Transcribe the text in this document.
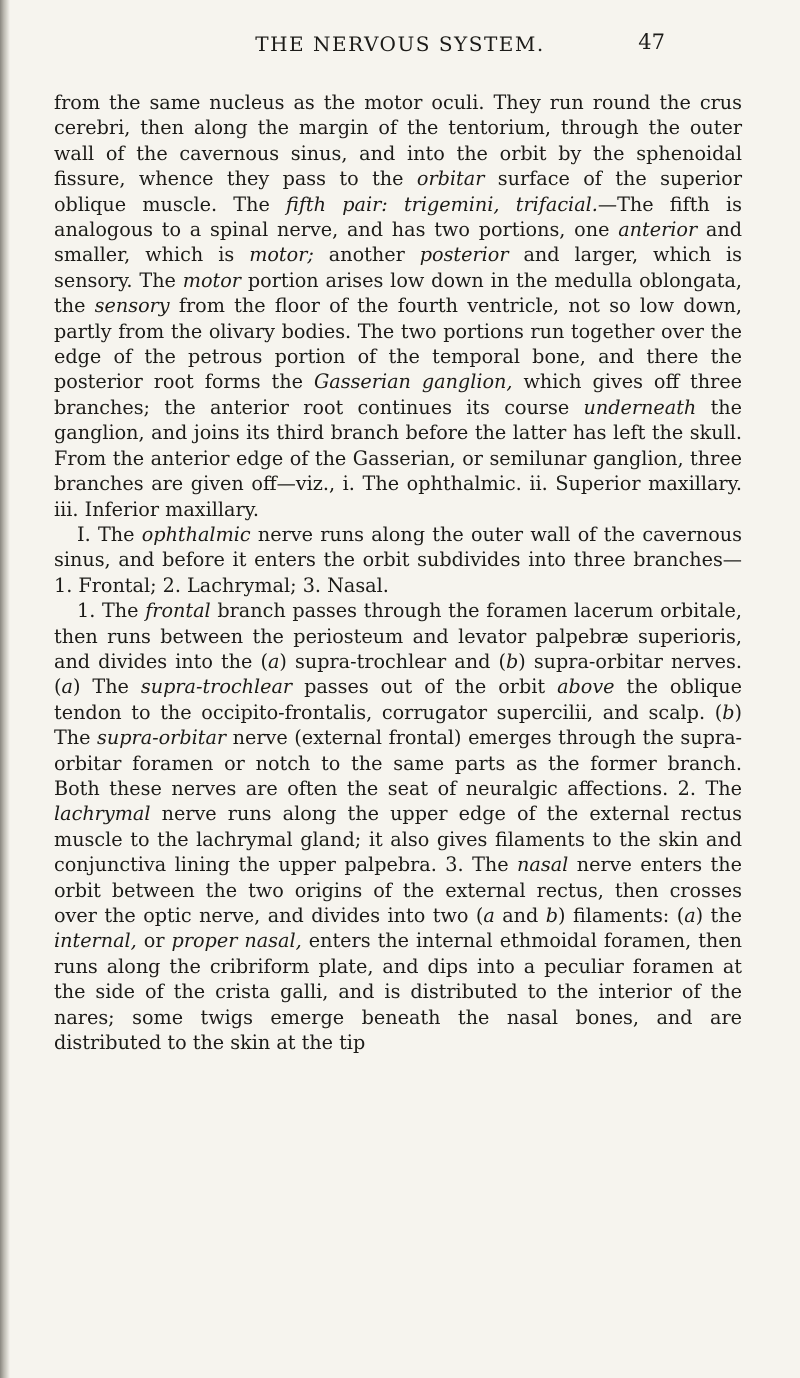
THE NERVOUS SYSTEM.	47

from the same nucleus as the motor oculi. They run round the crus cerebri, then along the margin of the tentorium, through the outer wall of the cavernous sinus, and into the orbit by the sphenoidal fissure, whence they pass to the orbitar surface of the superior oblique muscle. The fifth pair: trigemini, trifacial.—The fifth is analogous to a spinal nerve, and has two portions, one anterior and smaller, which is motor; another posterior and larger, which is sensory. The motor portion arises low down in the medulla oblongata, the sensory from the floor of the fourth ventricle, not so low down, partly from the olivary bodies. The two portions run together over the edge of the petrous portion of the temporal bone, and there the posterior root forms the Gasserian ganglion, which gives off three branches; the anterior root continues its course underneath the ganglion, and joins its third branch before the latter has left the skull. From the anterior edge of the Gasserian, or semilunar ganglion, three branches are given off—viz., i. The ophthalmic. ii. Superior maxillary. iii. Inferior maxillary.

I. The ophthalmic nerve runs along the outer wall of the cavernous sinus, and before it enters the orbit subdivides into three branches—1. Frontal; 2. Lachrymal; 3. Nasal.

1. The frontal branch passes through the foramen lacerum orbitale, then runs between the periosteum and levator palpebræ superioris, and divides into the (a) supra-trochlear and (b) supra-orbitar nerves. (a) The supra-trochlear passes out of the orbit above the oblique tendon to the occipito-frontalis, corrugator supercilii, and scalp. (b) The supra-orbitar nerve (external frontal) emerges through the supra-orbitar foramen or notch to the same parts as the former branch. Both these nerves are often the seat of neuralgic affections. 2. The lachrymal nerve runs along the upper edge of the external rectus muscle to the lachrymal gland; it also gives filaments to the skin and conjunctiva lining the upper palpebra. 3. The nasal nerve enters the orbit between the two origins of the external rectus, then crosses over the optic nerve, and divides into two (a and b) filaments: (a) the internal, or proper nasal, enters the internal ethmoidal foramen, then runs along the cribriform plate, and dips into a peculiar foramen at the side of the crista galli, and is distributed to the interior of the nares; some twigs emerge beneath the nasal bones, and are distributed to the skin at the tip
